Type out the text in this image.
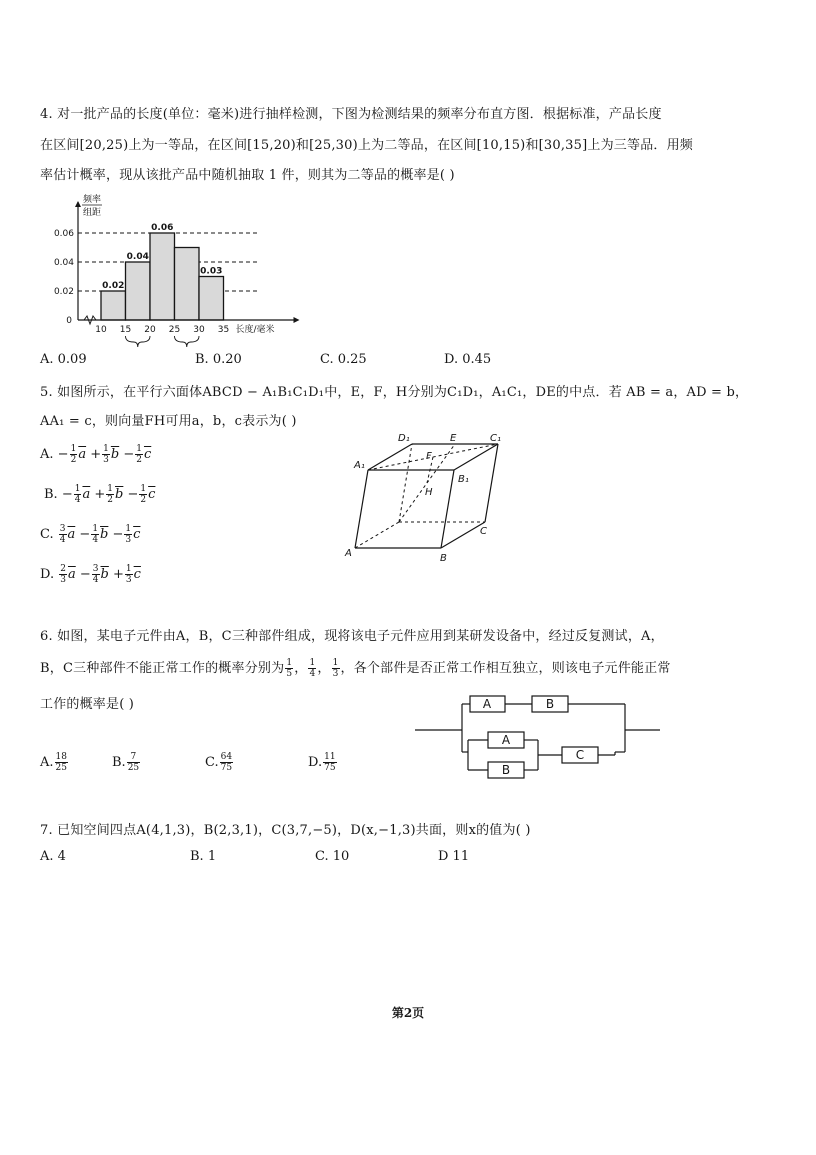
4. 对一批产品的长度(单位：毫米)进行抽样检测，下图为检测结果的频率分布直方图．根据标准，产品长度
在区间[20,25)上为一等品，在区间[15,20)和[25,30)上为二等品，在区间[10,15)和[30,35]上为三等品．用频
率估计概率，现从该批产品中随机抽取 1 件，则其为二等品的概率是( )
0.02
0.04
0.06
0.02
0.04
0.06
0.03
10 15 20 25 30 35
0
频率
组距
长度/毫米
A. 0.09	B. 0.20	C. 0.25	D. 0.45
5. 如图所示，在平行六面体ABCD − A₁B₁C₁D₁中，E，F，H分别为C₁D₁，A₁C₁，DE的中点．若 AB = a，AD = b，
AA₁ = c，则向量FH可用a，b，c表示为( )
A. − $\frac{1}{2} \overline{a} + \frac{1}{3} \overline{b} - \frac{1}{2} \overline{c}$
B. − $\frac{1}{4} \overline{a} + \frac{1}{2} \overline{b} - \frac{1}{2} \overline{c}$
C. $\frac{3}{4} \overline{a} - \frac{1}{4} \overline{b} - \frac{1}{3} \overline{c}$
D. $\frac{2}{3} \overline{a} - \frac{3}{4} \overline{b} + \frac{1}{3} \overline{c}$
D₁	E	C₁
A₁
F
B₁
H
C
A	B
6. 如图，某电子元件由A，B，C三种部件组成，现将该电子元件应用到某研发设备中，经过反复测试，A，
B，C三种部件不能正常工作的概率分别为 $\frac{1}{5}$ ， $\frac{1}{4}$ ， $\frac{1}{3}$ ，各个部件是否正常工作相互独立，则该电子元件能正常
工作的概率是( )	A	B
A
B
C
A. $\frac{18}{25}$	B. $\frac{7}{25}$	C. $\frac{64}{75}$	D. $\frac{11}{75}$
7. 已知空间四点A(4,1,3)，B(2,3,1)，C(3,7,−5)，D(x,−1,3)共面，则x的值为( )
A. 4	B. 1	C. 10	D 11
第2页
